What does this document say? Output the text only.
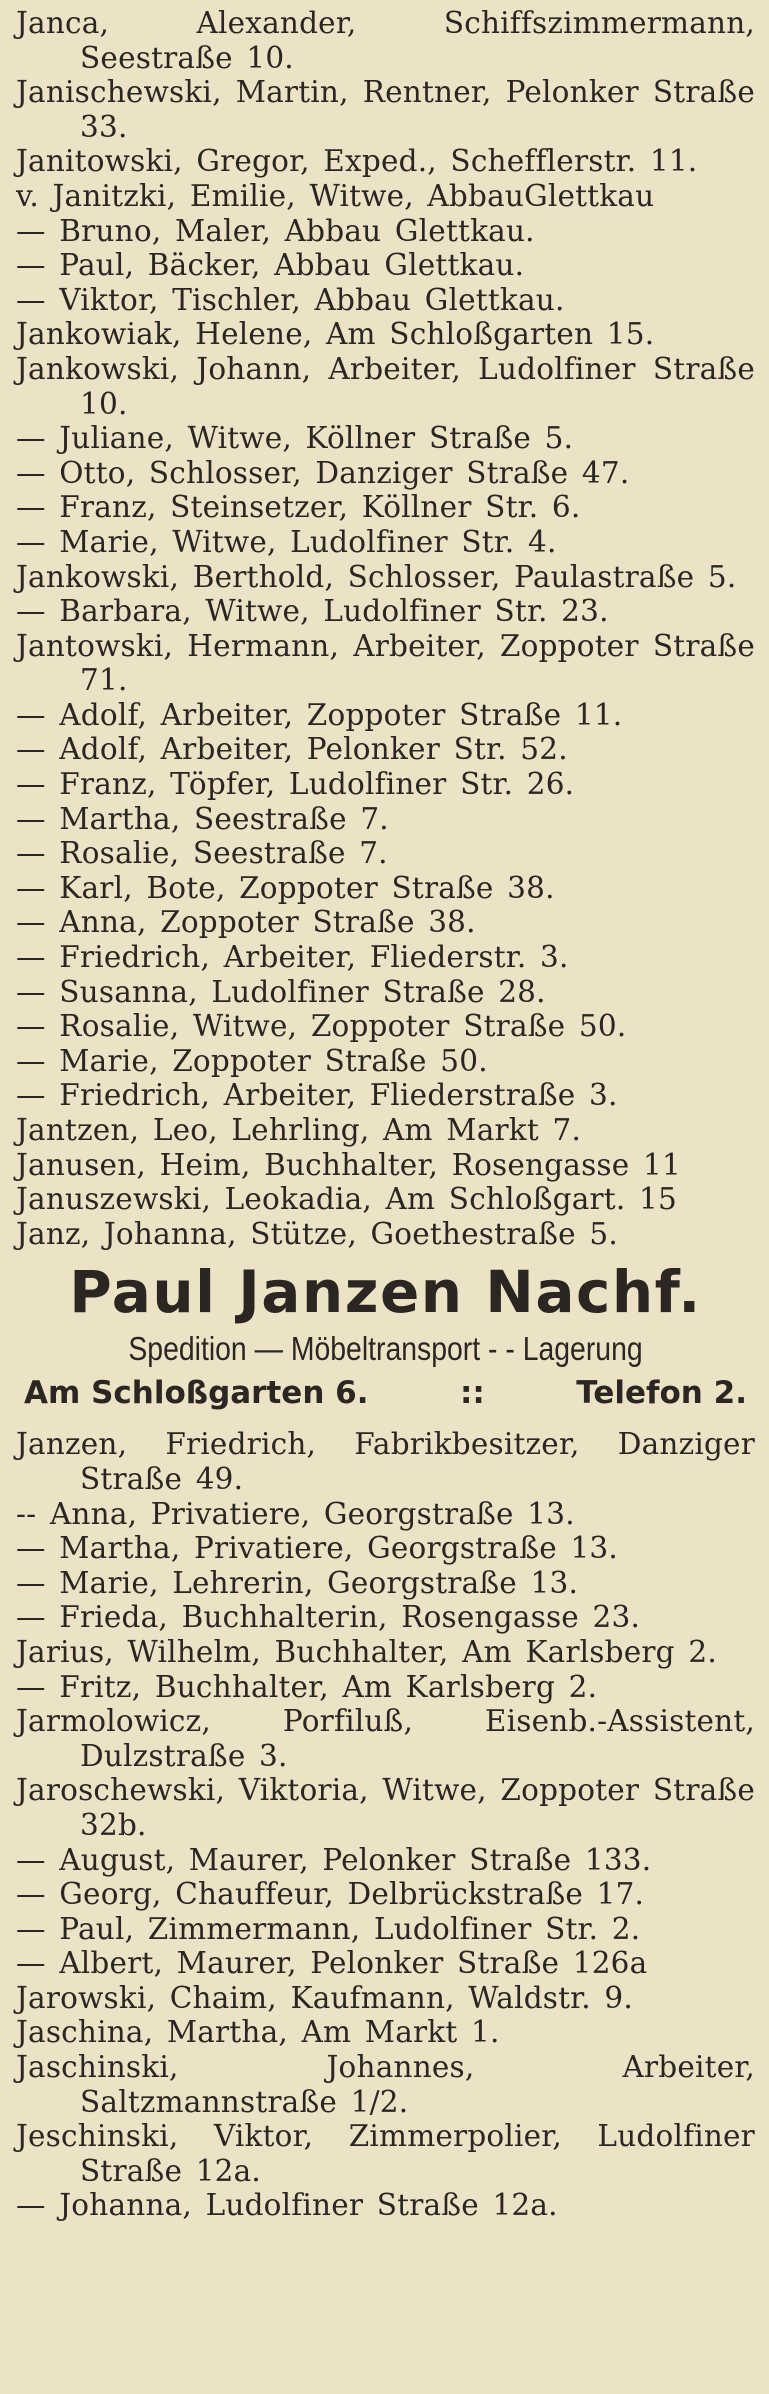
Janca, Alexander, Schiffszimmermann, Seestraße 10.
Janischewski, Martin, Rentner, Pelonker Straße 33.
Janitowski, Gregor, Exped., Schefflerstr. 11.
v. Janitzki, Emilie, Witwe, AbbauGlettkau
— Bruno, Maler, Abbau Glettkau.
— Paul, Bäcker, Abbau Glettkau.
— Viktor, Tischler, Abbau Glettkau.
Jankowiak, Helene, Am Schloßgarten 15.
Jankowski, Johann, Arbeiter, Ludolfiner Straße 10.
— Juliane, Witwe, Köllner Straße 5.
— Otto, Schlosser, Danziger Straße 47.
— Franz, Steinsetzer, Köllner Str. 6.
— Marie, Witwe, Ludolfiner Str. 4.
Jankowski, Berthold, Schlosser, Paulastraße 5.
— Barbara, Witwe, Ludolfiner Str. 23.
Jantowski, Hermann, Arbeiter, Zoppoter Straße 71.
— Adolf, Arbeiter, Zoppoter Straße 11.
— Adolf, Arbeiter, Pelonker Str. 52.
— Franz, Töpfer, Ludolfiner Str. 26.
— Martha, Seestraße 7.
— Rosalie, Seestraße 7.
— Karl, Bote, Zoppoter Straße 38.
— Anna, Zoppoter Straße 38.
— Friedrich, Arbeiter, Fliederstr. 3.
— Susanna, Ludolfiner Straße 28.
— Rosalie, Witwe, Zoppoter Straße 50.
— Marie, Zoppoter Straße 50.
— Friedrich, Arbeiter, Fliederstraße 3.
Jantzen, Leo, Lehrling, Am Markt 7.
Janusen, Heim, Buchhalter, Rosengasse 11
Januszewski, Leokadia, Am Schloßgart. 15
Janz, Johanna, Stütze, Goethestraße 5.
Paul Janzen Nachf.
Spedition — Möbeltransport - - Lagerung
Am Schloßgarten 6.	::	Telefon 2.
Janzen, Friedrich, Fabrikbesitzer, Danziger Straße 49.
-- Anna, Privatiere, Georgstraße 13.
— Martha, Privatiere, Georgstraße 13.
— Marie, Lehrerin, Georgstraße 13.
— Frieda, Buchhalterin, Rosengasse 23.
Jarius, Wilhelm, Buchhalter, Am Karlsberg 2.
— Fritz, Buchhalter, Am Karlsberg 2.
Jarmolowicz, Porfiluß, Eisenb.-Assistent, Dulzstraße 3.
Jaroschewski, Viktoria, Witwe, Zoppoter Straße 32b.
— August, Maurer, Pelonker Straße 133.
— Georg, Chauffeur, Delbrückstraße 17.
— Paul, Zimmermann, Ludolfiner Str. 2.
— Albert, Maurer, Pelonker Straße 126a
Jarowski, Chaim, Kaufmann, Waldstr. 9.
Jaschina, Martha, Am Markt 1.
Jaschinski, Johannes, Arbeiter, Saltzmannstraße 1/2.
Jeschinski, Viktor, Zimmerpolier, Ludolfiner Straße 12a.
— Johanna, Ludolfiner Straße 12a.
